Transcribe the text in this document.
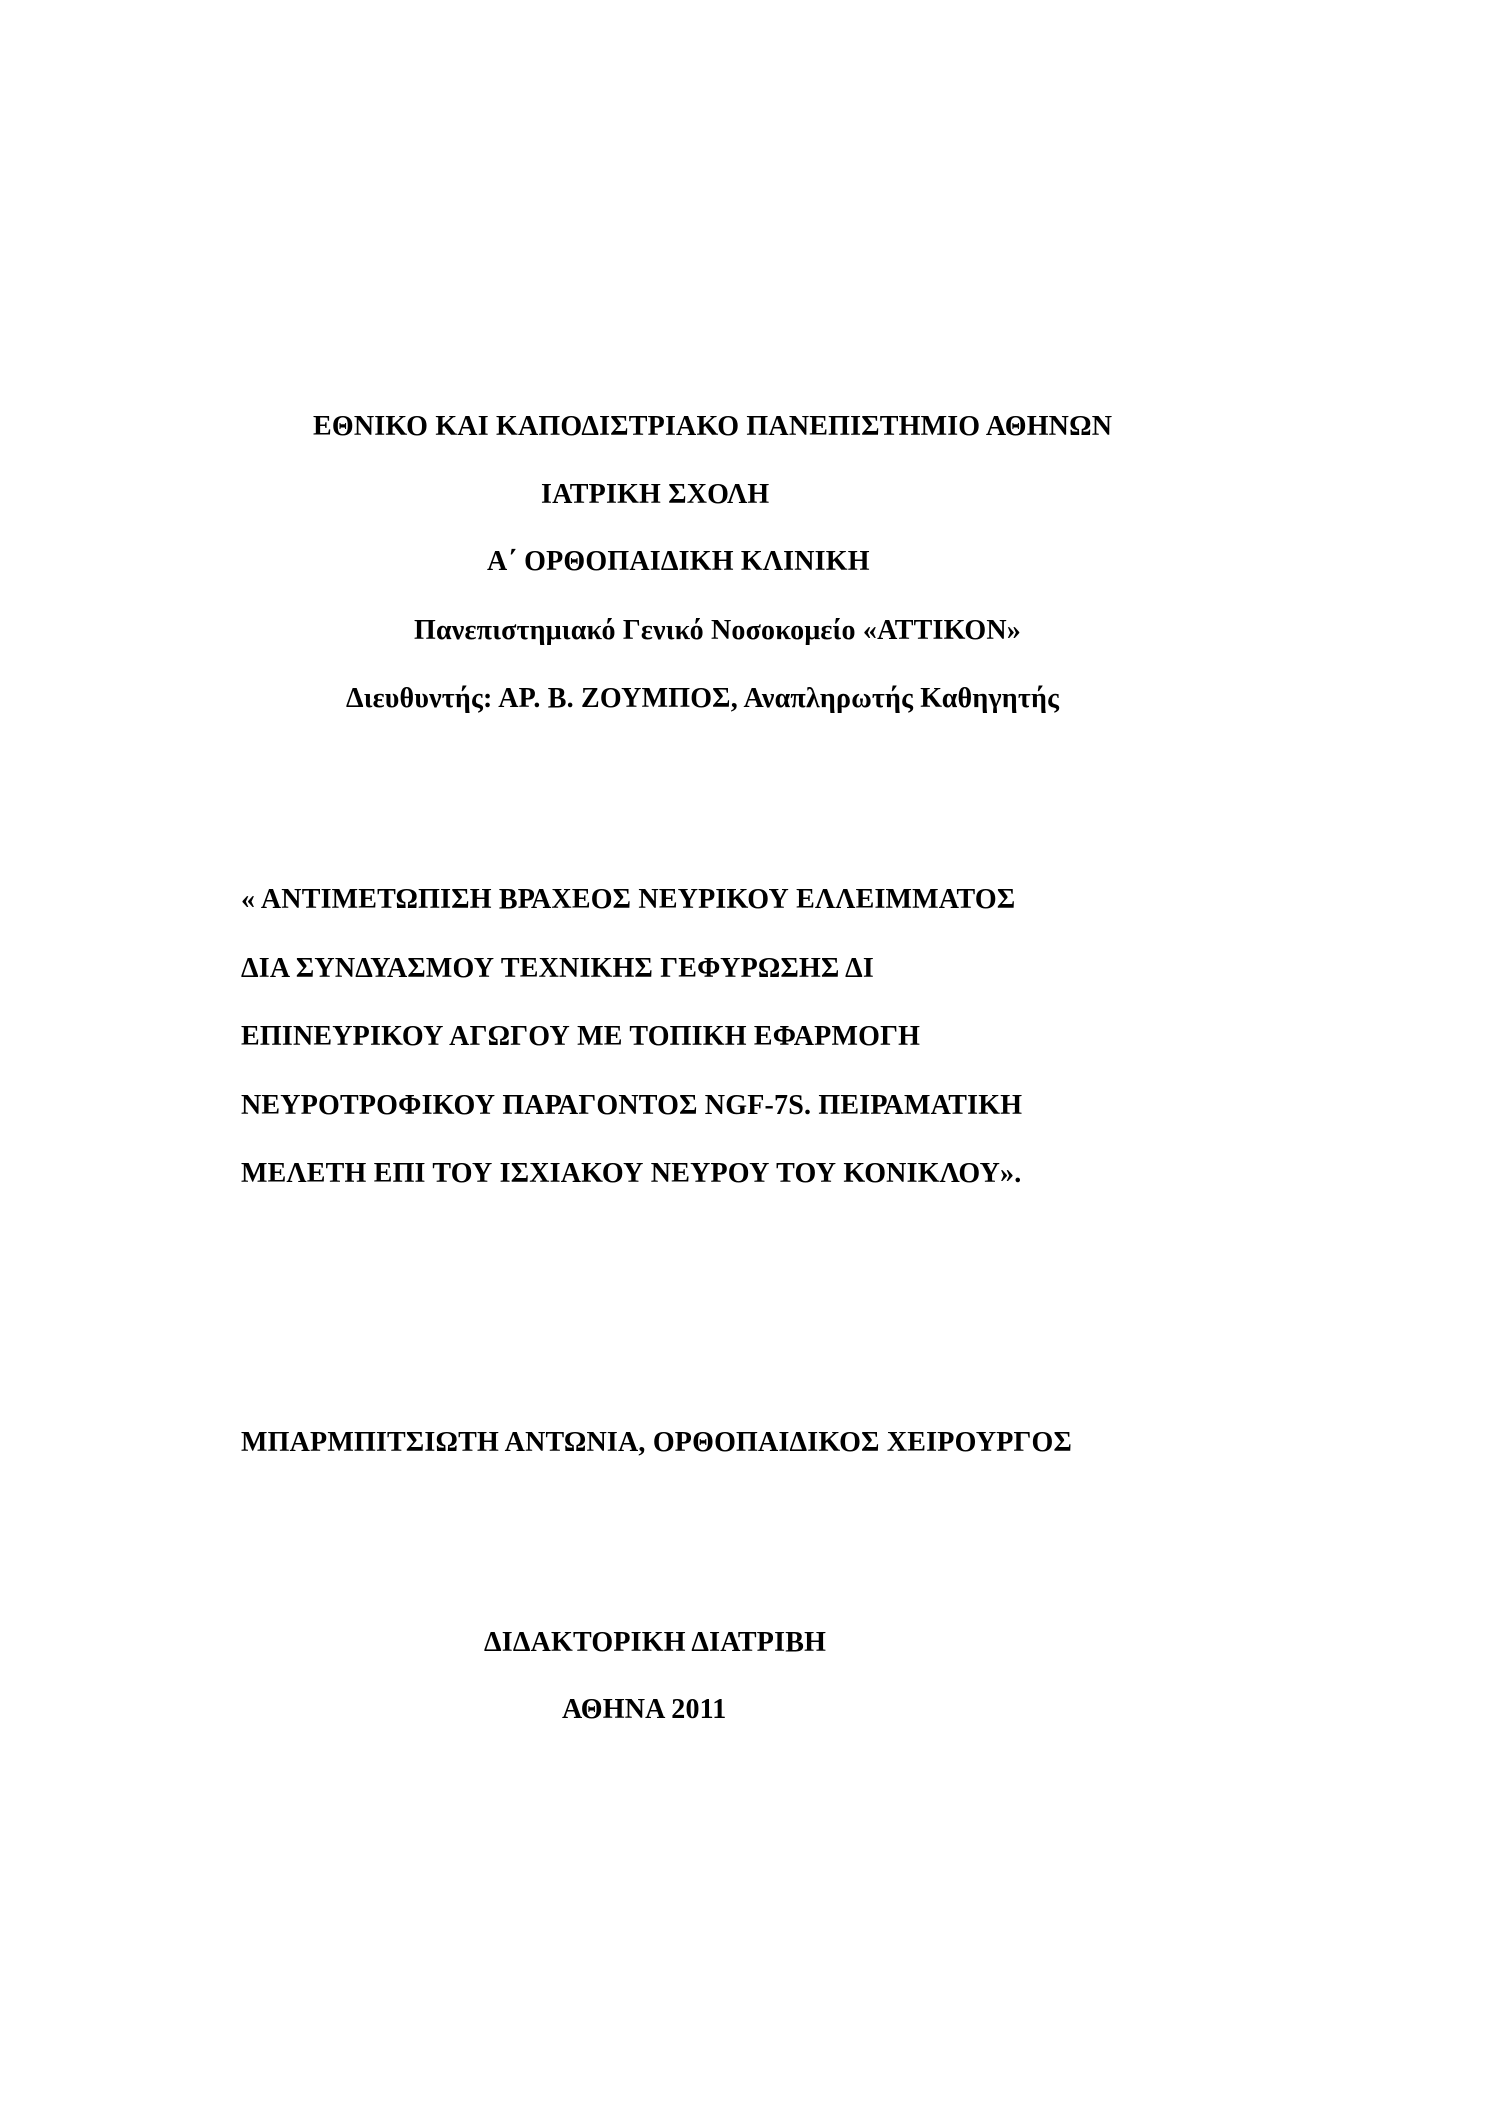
ΕΘΝΙΚΟ ΚΑΙ ΚΑΠΟΔΙΣΤΡΙΑΚΟ ΠΑΝΕΠΙΣΤΗΜΙΟ ΑΘΗΝΩΝ
ΙΑΤΡΙΚΗ ΣΧΟΛΗ
Α΄ ΟΡΘΟΠΑΙΔΙΚΗ ΚΛΙΝΙΚΗ
Πανεπιστημιακό Γενικό Νοσοκομείο «ΑΤΤΙΚΟΝ»
Διευθυντής: ΑΡ. Β. ΖΟΥΜΠΟΣ, Αναπληρωτής Καθηγητής
« ΑΝΤΙΜΕΤΩΠΙΣΗ ΒΡΑΧΕΟΣ ΝΕΥΡΙΚΟΥ ΕΛΛΕΙΜΜΑΤΟΣ
ΔΙΑ ΣΥΝΔΥΑΣΜΟΥ ΤΕΧΝΙΚΗΣ ΓΕΦΥΡΩΣΗΣ ΔΙ
ΕΠΙΝΕΥΡΙΚΟΥ ΑΓΩΓΟΥ ΜΕ ΤΟΠΙΚΗ ΕΦΑΡΜΟΓΗ
ΝΕΥΡΟΤΡΟΦΙΚΟΥ ΠΑΡΑΓΟΝΤΟΣ NGF-7S. ΠΕΙΡΑΜΑΤΙΚΗ
ΜΕΛΕΤΗ ΕΠΙ ΤΟΥ ΙΣΧΙΑΚΟΥ ΝΕΥΡΟΥ ΤΟΥ ΚΟΝΙΚΛΟΥ».
ΜΠΑΡΜΠΙΤΣΙΩΤΗ ΑΝΤΩΝΙΑ, ΟΡΘΟΠΑΙΔΙΚΟΣ ΧΕΙΡΟΥΡΓΟΣ
ΔΙΔΑΚΤΟΡΙΚΗ ΔΙΑΤΡΙΒΗ
ΑΘΗΝΑ 2011
